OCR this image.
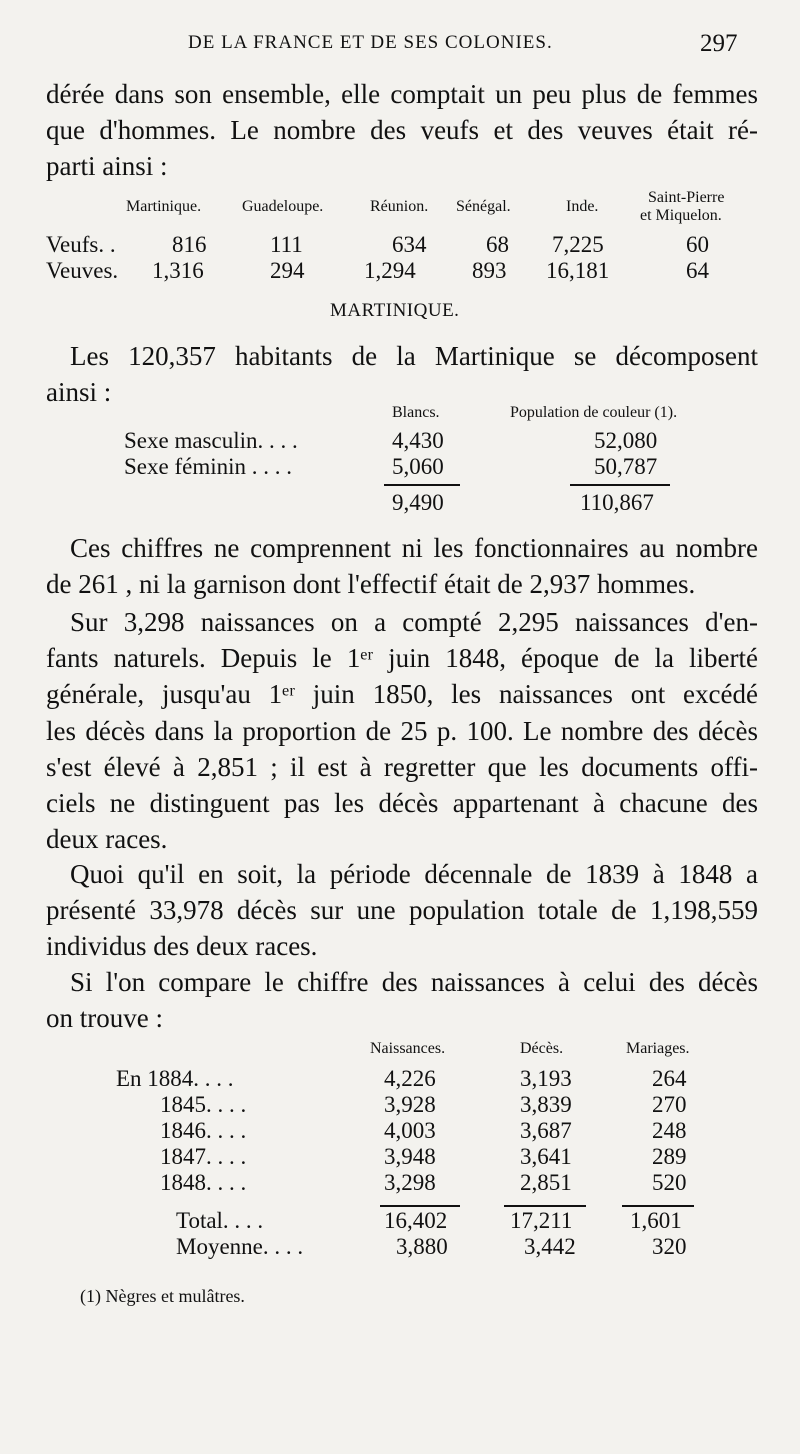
DE LA FRANCE ET DE SES COLONIES.	297
dérée dans son ensemble, elle comptait un peu plus de femmes
que d'hommes. Le nombre des veufs et des veuves était ré-
parti ainsi :
Martinique.	Guadeloupe.	Réunion. Sénégal.	Inde.
Saint-Pierre
et Miquelon.
Veufs. . 816	111	634	68 7,225	60
Veuves. 1,316	294	1,294 893 16,181	64
MARTINIQUE.
Les 120,357 habitants de la Martinique se décomposent
ainsi :
Blancs.	Population de couleur (1).
Sexe masculin. . . .	4,430	52,080
Sexe féminin . . . .	5,060	50,787
9,490	110,867
Ces chiffres ne comprennent ni les fonctionnaires au nombre
de 261 , ni la garnison dont l'effectif était de 2,937 hommes.
Sur 3,298 naissances on a compté 2,295 naissances d'en-
fants naturels. Depuis le 1ᵉʳ juin 1848, époque de la liberté
générale, jusqu'au 1ᵉʳ juin 1850, les naissances ont excédé
les décès dans la proportion de 25 p. 100. Le nombre des décès
s'est élevé à 2,851 ; il est à regretter que les documents offi-
ciels ne distinguent pas les décès appartenant à chacune des
deux races.
Quoi qu'il en soit, la période décennale de 1839 à 1848 a
présenté 33,978 décès sur une population totale de 1,198,559
individus des deux races.
Si l'on compare le chiffre des naissances à celui des décès
on trouve :
Naissances.	Décès.	Mariages.
En 1884. . . .	4,226	3,193	264
1845. . . .	3,928	3,839	270
1846. . . .	4,003	3,687	248
1847. . . .	3,948	3,641	289
1848. . . .	3,298	2,851	520
Total. . . .	16,402	17,211	1,601
Moyenne. . . .	3,880	3,442	320
(1) Nègres et mulâtres.
